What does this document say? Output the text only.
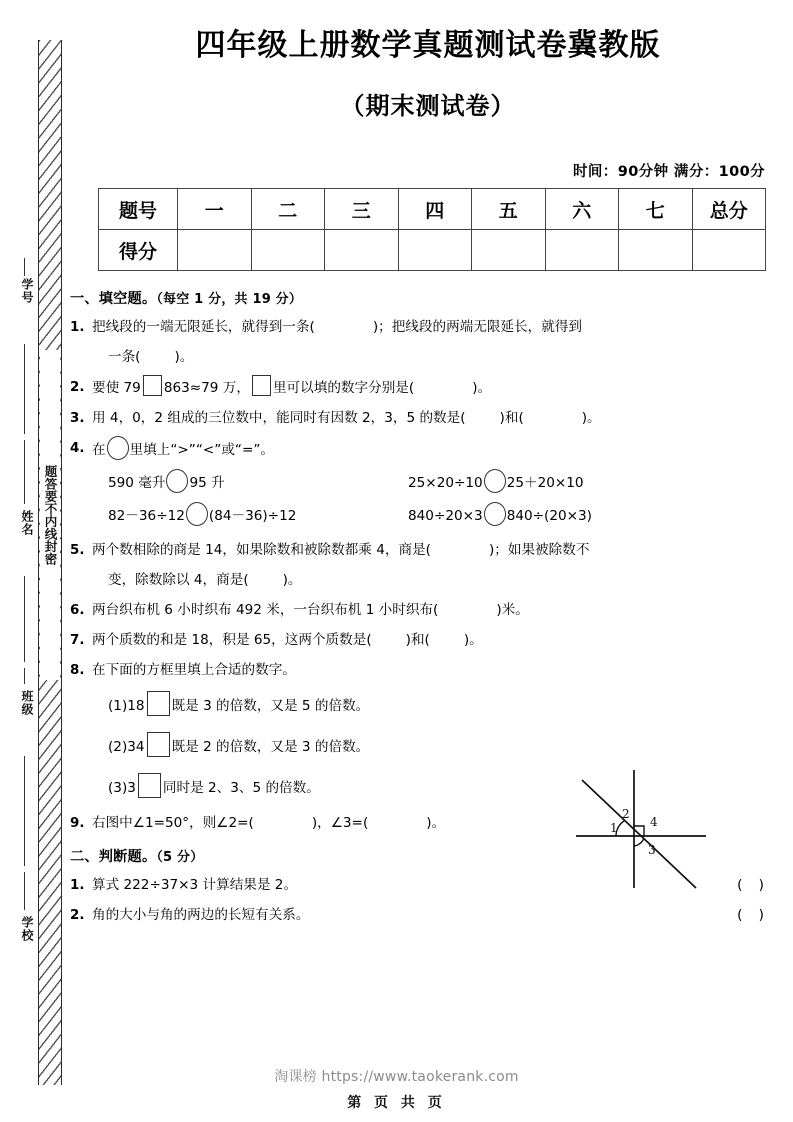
题答要不内线封密
学号
姓名
班级
学校
四年级上册数学真题测试卷冀教版
（期末测试卷）
时间：90分钟 满分：100分
题号	一	二	三	四	五	六	七	总分
得分								
一、填空题。（每空 1 分，共 19 分）
1. 把线段的一端无限延长，就得到一条(	)；把线段的两端无限延长，就得到
一条(	)。
2. 要使 79 863≈79 万， 里可以填的数字分别是(	)。
3. 用 4，0，2 组成的三位数中，能同时有因数 2，3，5 的数是(	)和(	)。
4. 在 里填上“>”“<”或“=”。
590 毫升 95 升	25×20÷10 25＋20×10
82－36÷12 (84－36)÷12	840÷20×3 840÷(20×3)
5. 两个数相除的商是 14，如果除数和被除数都乘 4，商是(	)；如果被除数不
变，除数除以 4，商是(	)。
6. 两台织布机 6 小时织布 492 米，一台织布机 1 小时织布(	)米。
7. 两个质数的和是 18，积是 65，这两个质数是(	)和(	)。
8. 在下面的方框里填上合适的数字。
(1)18 既是 3 的倍数，又是 5 的倍数。
(2)34 既是 2 的倍数，又是 3 的倍数。
(3)3 同时是 2、3、5 的倍数。
9. 右图中∠1=50°，则∠2=(	)，∠3=(	)。
二、判断题。（5 分）
1. 算式 222÷37×3 计算结果是 2。	( )
2. 角的大小与角的两边的长短有关系。	( )
1
2
3
4
淘课榜 https://www.taokerank.com
第 页 共 页
